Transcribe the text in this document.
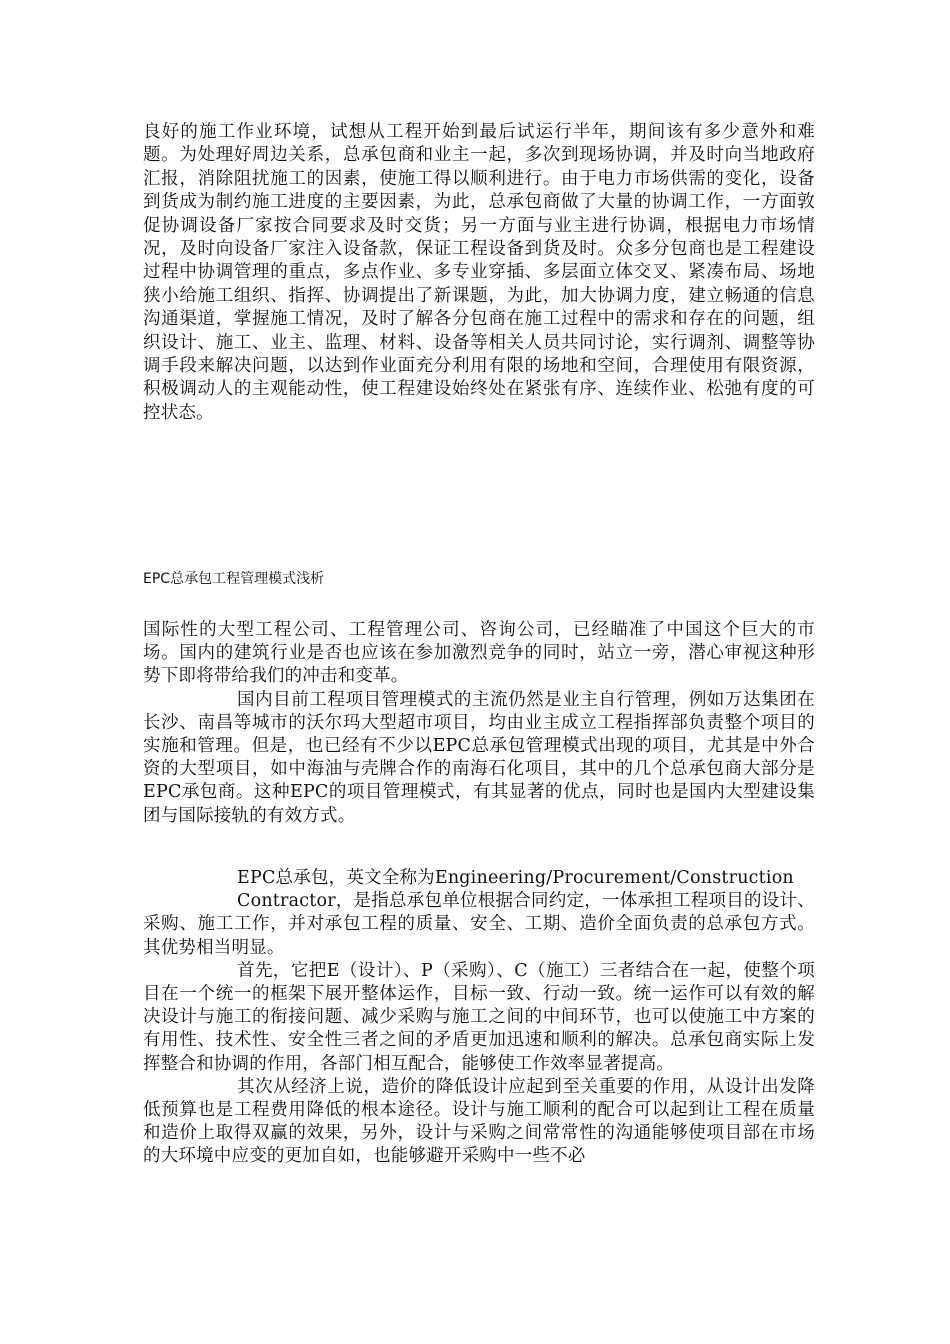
良好的施工作业环境，试想从工程开始到最后试运行半年，期间该有多少意外和难题。为处理好周边关系，总承包商和业主一起，多次到现场协调，并及时向当地政府汇报，消除阻扰施工的因素，使施工得以顺利进行。由于电力市场供需的变化，设备到货成为制约施工进度的主要因素，为此，总承包商做了大量的协调工作，一方面敦促协调设备厂家按合同要求及时交货；另一方面与业主进行协调，根据电力市场情况，及时向设备厂家注入设备款，保证工程设备到货及时。众多分包商也是工程建设过程中协调管理的重点，多点作业、多专业穿插、多层面立体交叉、紧凑布局、场地狭小给施工组织、指挥、协调提出了新课题，为此，加大协调力度，建立畅通的信息沟通渠道，掌握施工情况，及时了解各分包商在施工过程中的需求和存在的问题，组织设计、施工、业主、监理、材料、设备等相关人员共同讨论，实行调剂、调整等协调手段来解决问题，以达到作业面充分利用有限的场地和空间，合理使用有限资源，积极调动人的主观能动性，使工程建设始终处在紧张有序、连续作业、松弛有度的可控状态。

EPC总承包工程管理模式浅析

国际性的大型工程公司、工程管理公司、咨询公司，已经瞄准了中国这个巨大的市场。国内的建筑行业是否也应该在参加激烈竞争的同时，站立一旁，潜心审视这种形势下即将带给我们的冲击和变革。

国内目前工程项目管理模式的主流仍然是业主自行管理，例如万达集团在长沙、南昌等城市的沃尔玛大型超市项目，均由业主成立工程指挥部负责整个项目的实施和管理。但是，也已经有不少以EPC总承包管理模式出现的项目，尤其是中外合资的大型项目，如中海油与壳牌合作的南海石化项目，其中的几个总承包商大部分是EPC承包商。这种EPC的项目管理模式，有其显著的优点，同时也是国内大型建设集团与国际接轨的有效方式。

EPC总承包，英文全称为Engineering/Procurement/Construction

Contractor，是指总承包单位根据合同约定，一体承担工程项目的设计、采购、施工工作，并对承包工程的质量、安全、工期、造价全面负责的总承包方式。其优势相当明显。

首先，它把E（设计）、P（采购）、C（施工）三者结合在一起，使整个项目在一个统一的框架下展开整体运作，目标一致、行动一致。统一运作可以有效的解决设计与施工的衔接问题、减少采购与施工之间的中间环节，也可以使施工中方案的有用性、技术性、安全性三者之间的矛盾更加迅速和顺利的解决。总承包商实际上发挥整合和协调的作用，各部门相互配合，能够使工作效率显著提高。

其次从经济上说，造价的降低设计应起到至关重要的作用，从设计出发降低预算也是工程费用降低的根本途径。设计与施工顺利的配合可以起到让工程在质量和造价上取得双赢的效果，另外，设计与采购之间常常性的沟通能够使项目部在市场的大环境中应变的更加自如，也能够避开采购中一些不必
